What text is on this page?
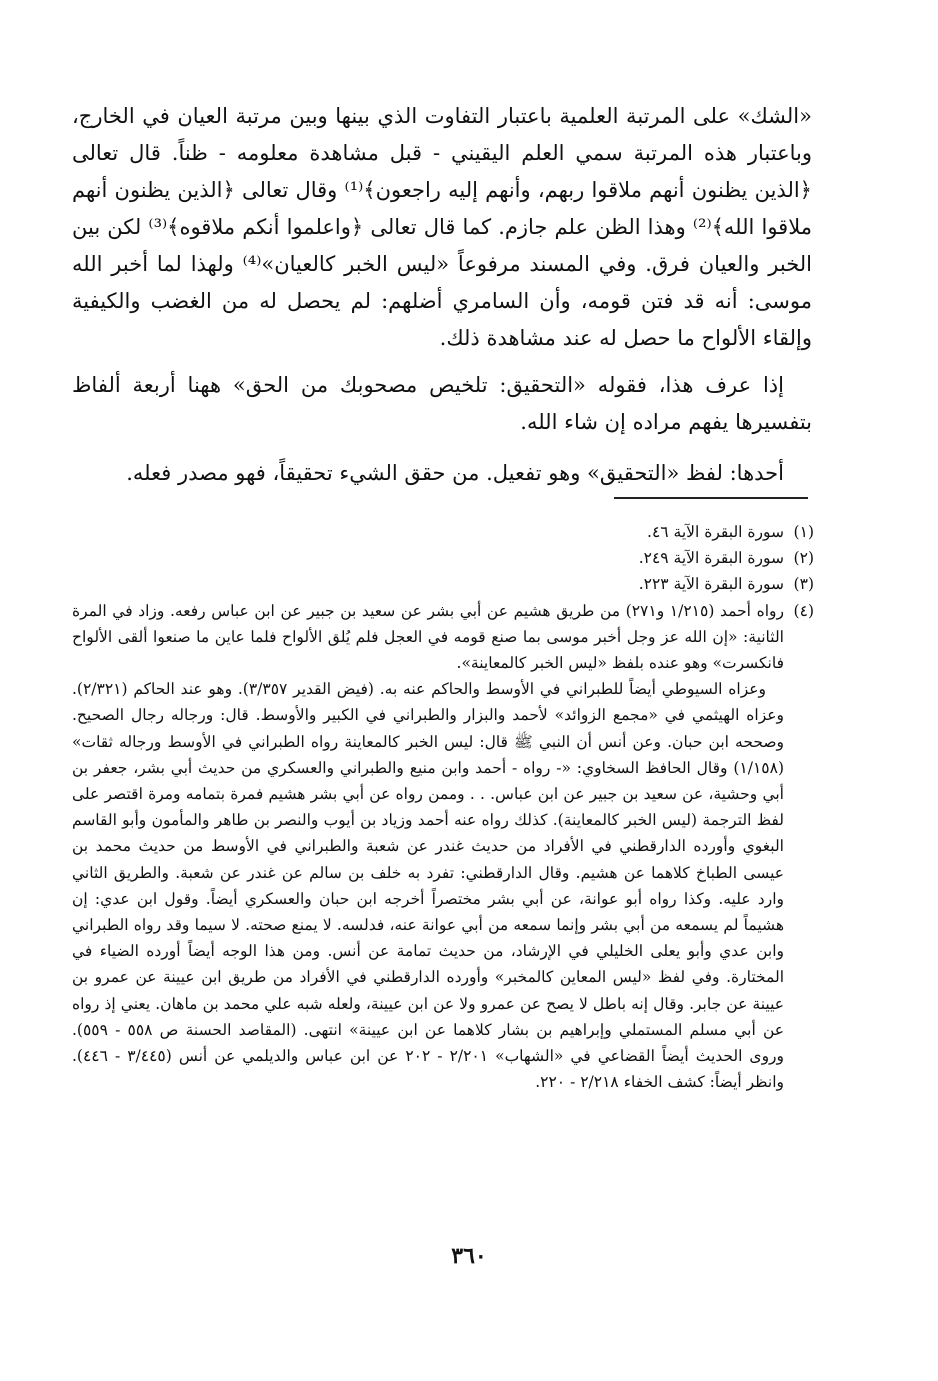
«الشك» على المرتبة العلمية باعتبار التفاوت الذي بينها وبين مرتبة العيان في الخارج، وباعتبار هذه المرتبة سمي العلم اليقيني - قبل مشاهدة معلومه - ظناً. قال تعالى ﴿الذين يظنون أنهم ملاقوا ربهم، وأنهم إليه راجعون﴾⁽¹⁾ وقال تعالى ﴿الذين يظنون أنهم ملاقوا الله﴾⁽²⁾ وهذا الظن علم جازم. كما قال تعالى ﴿واعلموا أنكم ملاقوه﴾⁽³⁾ لكن بين الخبر والعيان فرق. وفي المسند مرفوعاً «ليس الخبر كالعيان»⁽⁴⁾ ولهذا لما أخبر الله موسى: أنه قد فتن قومه، وأن السامري أضلهم: لم يحصل له من الغضب والكيفية وإلقاء الألواح ما حصل له عند مشاهدة ذلك.

إذا عرف هذا، فقوله «التحقيق: تلخيص مصحوبك من الحق» ههنا أربعة ألفاظ بتفسيرها يفهم مراده إن شاء الله.

أحدها: لفظ «التحقيق» وهو تفعيل. من حقق الشيء تحقيقاً، فهو مصدر فعله.

(١)

سورة البقرة الآية ٤٦.

(٢)

سورة البقرة الآية ٢٤٩.

(٣)

سورة البقرة الآية ٢٢٣.

(٤)

رواه أحمد (١/٢١٥ و٢٧١) من طريق هشيم عن أبي بشر عن سعيد بن جبير عن ابن عباس رفعه. وزاد في المرة الثانية: «إن الله عز وجل أخبر موسى بما صنع قومه في العجل فلم يُلق الألواح فلما عاين ما صنعوا ألقى الألواح فانكسرت» وهو عنده بلفظ «ليس الخبر كالمعاينة».

وعزاه السيوطي أيضاً للطبراني في الأوسط والحاكم عنه به. (فيض القدير ٣/٣٥٧). وهو عند الحاكم (٢/٣٢١). وعزاه الهيثمي في «مجمع الزوائد» لأحمد والبزار والطبراني في الكبير والأوسط. قال: ورجاله رجال الصحيح. وصححه ابن حبان. وعن أنس أن النبي ﷺ قال: ليس الخبر كالمعاينة رواه الطبراني في الأوسط ورجاله ثقات» (١/١٥٨) وقال الحافظ السخاوي: «- رواه - أحمد وابن منيع والطبراني والعسكري من حديث أبي بشر، جعفر بن أبي وحشية، عن سعيد بن جبير عن ابن عباس. . . وممن رواه عن أبي بشر هشيم فمرة بتمامه ومرة اقتصر على لفظ الترجمة (ليس الخبر كالمعاينة). كذلك رواه عنه أحمد وزياد بن أيوب والنصر بن طاهر والمأمون وأبو القاسم البغوي وأورده الدارقطني في الأفراد من حديث غندر عن شعبة والطبراني في الأوسط من حديث محمد بن عيسى الطباخ كلاهما عن هشيم. وقال الدارقطني: تفرد به خلف بن سالم عن غندر عن شعبة. والطريق الثاني وارد عليه. وكذا رواه أبو عوانة، عن أبي بشر مختصراً أخرجه ابن حبان والعسكري أيضاً. وقول ابن عدي: إن هشيماً لم يسمعه من أبي بشر وإنما سمعه من أبي عوانة عنه، فدلسه. لا يمنع صحته. لا سيما وقد رواه الطبراني وابن عدي وأبو يعلى الخليلي في الإرشاد، من حديث تمامة عن أنس. ومن هذا الوجه أيضاً أورده الضياء في المختارة. وفي لفظ «ليس المعاين كالمخبر» وأورده الدارقطني في الأفراد من طريق ابن عيينة عن عمرو بن عيينة عن جابر. وقال إنه باطل لا يصح عن عمرو ولا عن ابن عيينة، ولعله شبه علي محمد بن ماهان. يعني إذ رواه عن أبي مسلم المستملي وإبراهيم بن بشار كلاهما عن ابن عيينة» انتهى. (المقاصد الحسنة ص ٥٥٨ - ٥٥٩). وروى الحديث أيضاً القضاعي في «الشهاب» ٢/٢٠١ - ٢٠٢ عن ابن عباس والديلمي عن أنس (٣/٤٤٥ - ٤٤٦). وانظر أيضاً: كشف الخفاء ٢/٢١٨ - ٢٢٠.

٣٦٠
